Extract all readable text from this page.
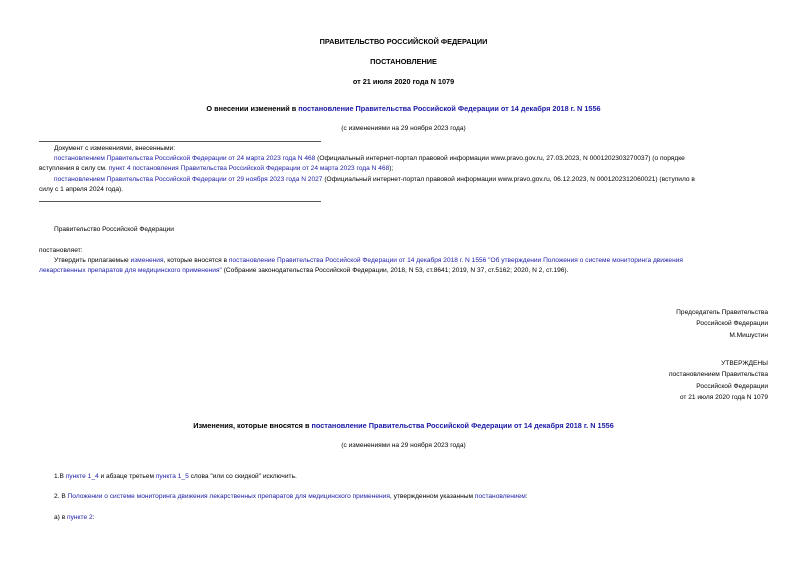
ПРАВИТЕЛЬСТВО РОССИЙСКОЙ ФЕДЕРАЦИИ
ПОСТАНОВЛЕНИЕ
от 21 июля 2020 года N 1079
О внесении изменений в постановление Правительства Российской Федерации от 14 декабря 2018 г. N 1556
(с изменениями на 29 ноября 2023 года)
Документ с изменениями, внесенными:
постановлением Правительства Российской Федерации от 24 марта 2023 года N 468 (Официальный интернет-портал правовой информации www.pravo.gov.ru, 27.03.2023, N 0001202303270037) (о порядке
вступления в силу см. пункт 4 постановления Правительства Российской Федерации от 24 марта 2023 года N 468);
постановлением Правительства Российской Федерации от 29 ноября 2023 года N 2027 (Официальный интернет-портал правовой информации www.pravo.gov.ru, 06.12.2023, N 0001202312060021) (вступило в
силу с 1 апреля 2024 года).
Правительство Российской Федерации
постановляет:
Утвердить прилагаемые изменения, которые вносятся в постановление Правительства Российской Федерации от 14 декабря 2018 г. N 1556 "Об утверждении Положения о системе мониторинга движения
лекарственных препаратов для медицинского применения" (Собрание законодательства Российской Федерации, 2018, N 53, ст.8641; 2019, N 37, ст.5162; 2020, N 2, ст.196).
Председатель Правительства
Российской Федерации
М.Мишустин
УТВЕРЖДЕНЫ
постановлением Правительства
Российской Федерации
от 21 июля 2020 года N 1079
Изменения, которые вносятся в постановление Правительства Российской Федерации от 14 декабря 2018 г. N 1556
(с изменениями на 29 ноября 2023 года)
1.В пункте 1_4 и абзаце третьем пункта 1_5 слова "или со скидкой" исключить.
2. В Положении о системе мониторинга движения лекарственных препаратов для медицинского применения, утвержденном указанным постановлением:
а) в пункте 2:
